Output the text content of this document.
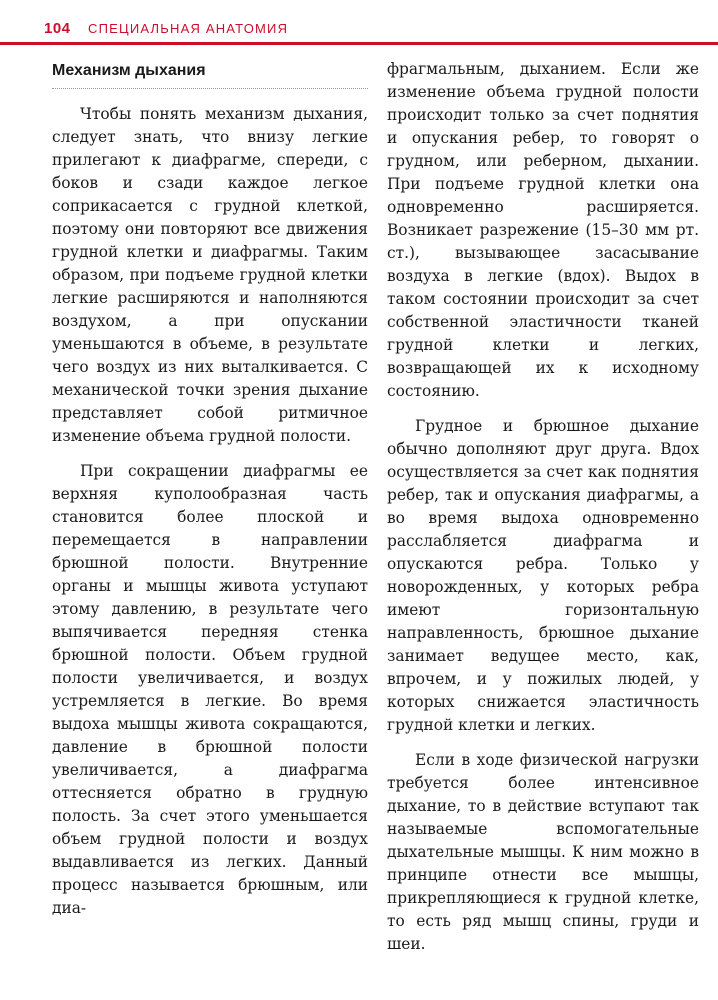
104 СПЕЦИАЛЬНАЯ АНАТОМИЯ
Механизм дыхания

Чтобы понять механизм дыхания, следует знать, что внизу легкие прилегают к диафрагме, спереди, с боков и сзади каждое легкое соприкасается с грудной клеткой, поэтому они повторяют все движения грудной клетки и диафрагмы. Таким образом, при подъеме грудной клетки легкие расширяются и наполняются воздухом, а при опускании уменьшаются в объеме, в результате чего воздух из них выталкивается. С механической точки зрения дыхание представляет собой ритмичное изменение объема грудной полости.

При сокращении диафрагмы ее верхняя куполообразная часть становится более плоской и перемещается в направлении брюшной полости. Внутренние органы и мышцы живота уступают этому давлению, в результате чего выпячивается передняя стенка брюшной полости. Объем грудной полости увеличивается, и воздух устремляется в легкие. Во время выдоха мышцы живота сокращаются, давление в брюшной полости увеличивается, а диафрагма оттесняется обратно в грудную полость. За счет этого уменьшается объем грудной полости и воздух выдавливается из легких. Данный процесс называется брюшным, или диа-

фрагмальным, дыханием. Если же изменение объема грудной полости происходит только за счет поднятия и опускания ребер, то говорят о грудном, или реберном, дыхании. При подъеме грудной клетки она одновременно расширяется. Возникает разрежение (15–30 мм рт. ст.), вызывающее засасывание воздуха в легкие (вдох). Выдох в таком состоянии происходит за счет собственной эластичности тканей грудной клетки и легких, возвращающей их к исходному состоянию.

Грудное и брюшное дыхание обычно дополняют друг друга. Вдох осуществляется за счет как поднятия ребер, так и опускания диафрагмы, а во время выдоха одновременно расслабляется диафрагма и опускаются ребра. Только у новорожденных, у которых ребра имеют горизонтальную направленность, брюшное дыхание занимает ведущее место, как, впрочем, и у пожилых людей, у которых снижается эластичность грудной клетки и легких.

Если в ходе физической нагрузки требуется более интенсивное дыхание, то в действие вступают так называемые вспомогательные дыхательные мышцы. К ним можно в принципе отнести все мышцы, прикрепляющиеся к грудной клетке, то есть ряд мышц спины, груди и шеи.
